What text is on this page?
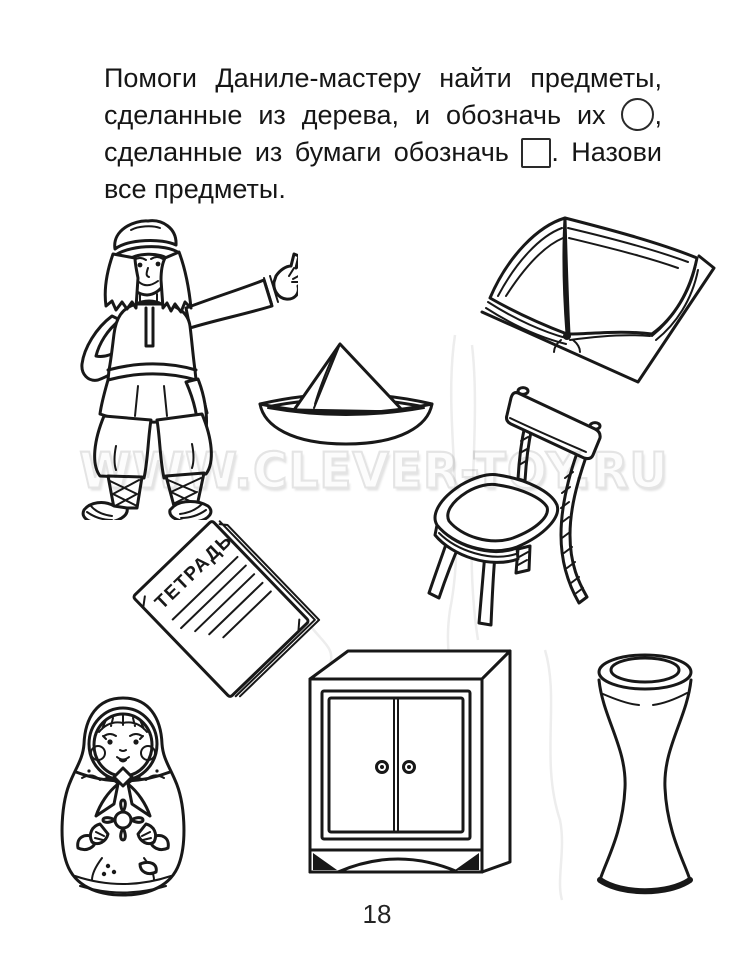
Помоги Даниле-мастеру найти предметы,
сделанные из дерева, и обозначь их ,
сделанные из бумаги обозначь . Назови
все предметы.
ТЕТРАДЬ
WWW.CLEVER-TOY.RU
18
